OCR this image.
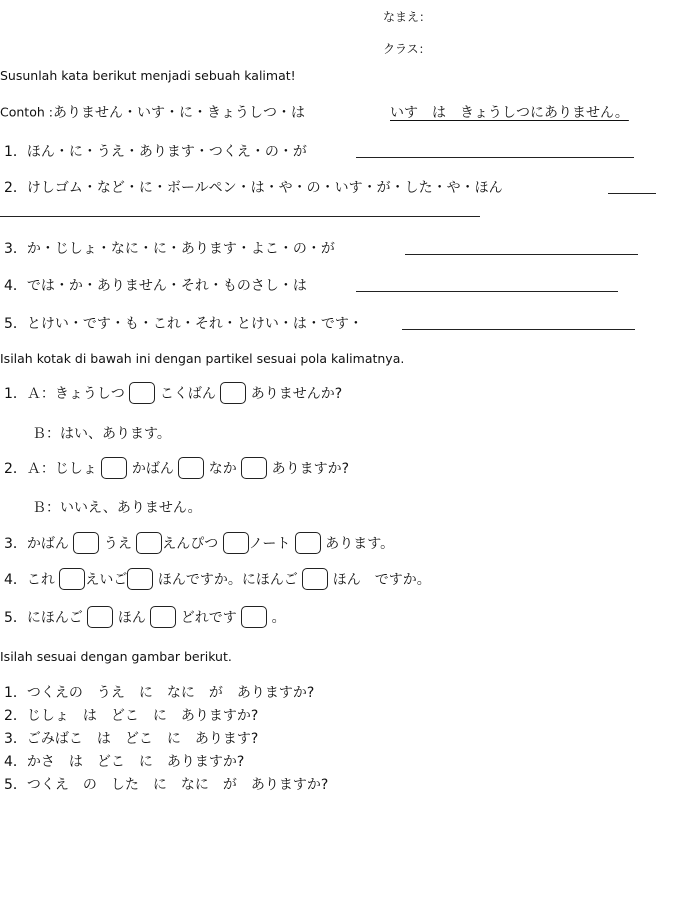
なまえ：
クラス：
Susunlah kata berikut menjadi sebuah kalimat!
Contoh :ありません・いす・に・きょうしつ・は	いす　は　きょうしつにありません。
1．ほん・に・うえ・あります・つくえ・の・が
2．けしゴム・など・に・ボールペン・は・や・の・いす・が・した・や・ほん
3．か・じしょ・なに・に・あります・よこ・の・が
4．では・か・ありません・それ・ものさし・は
5．とけい・です・も・これ・それ・とけい・は・です・
Isilah kotak di bawah ini dengan partikel sesuai pola kalimatnya.
1．Ａ：きょうしつ こくばん ありませんか?
Ｂ：はい、あります。
2．Ａ：じしょ かばん なか ありますか?
Ｂ：いいえ、ありません。
3．かばん うえ えんぴつ ノート あります。
4．これ えいご ほんですか。にほんご ほん　ですか。
5．にほんご ほん どれです 。
Isilah sesuai dengan gambar berikut.
1．つくえの　うえ　に　なに　が　ありますか?
2．じしょ　は　どこ　に　ありますか?
3．ごみばこ　は　どこ　に　あります?
4．かさ　は　どこ　に　ありますか?
5．つくえ　の　した　に　なに　が　ありますか?
